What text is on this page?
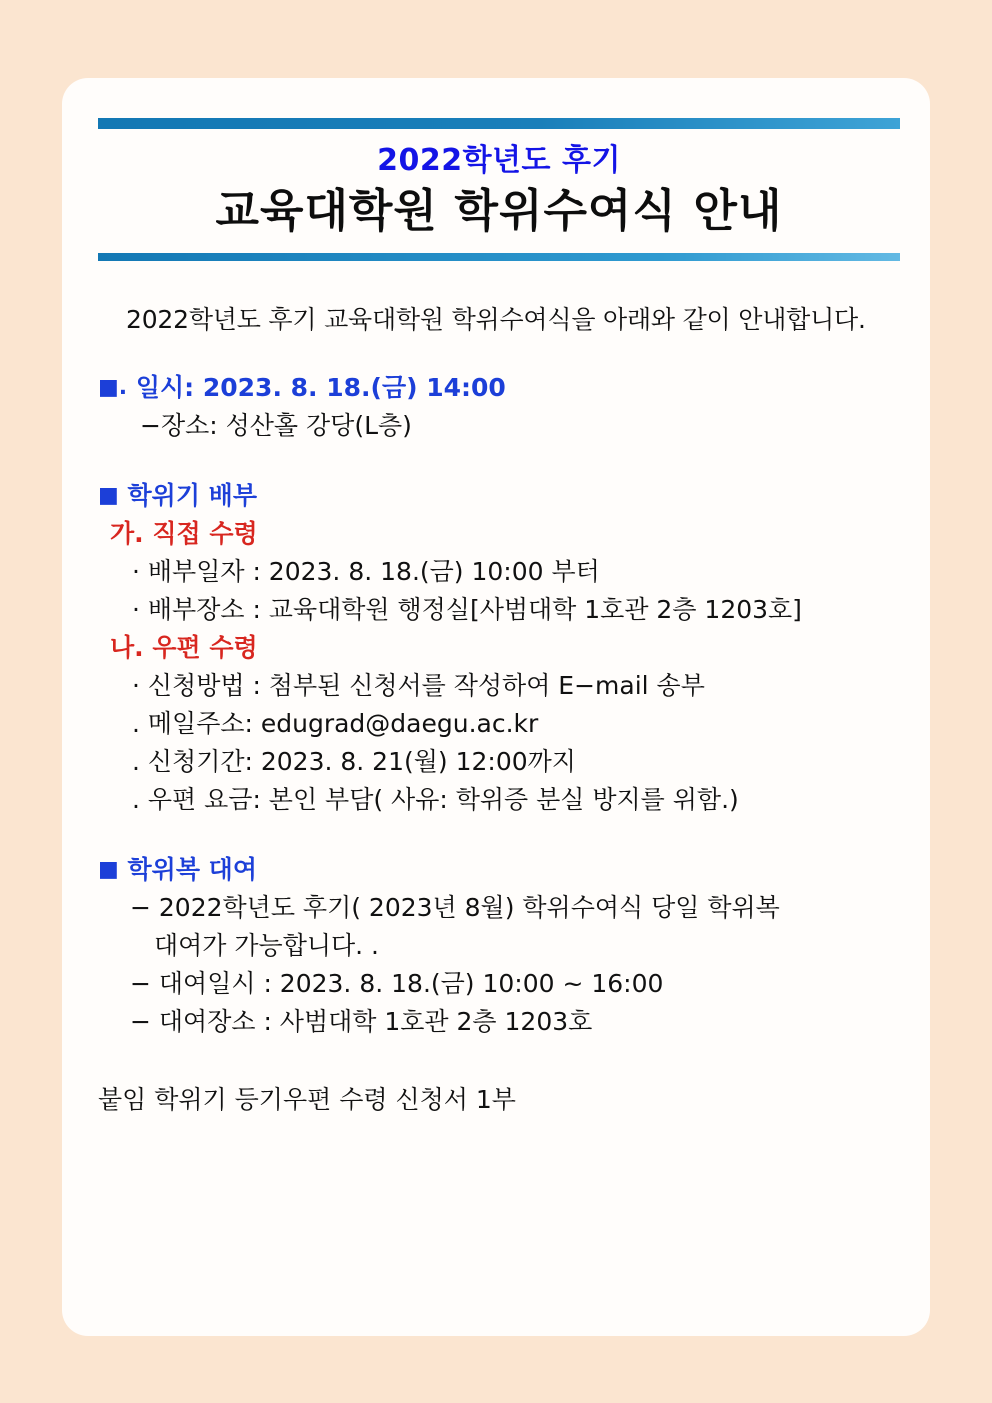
2022학년도 후기
교육대학원 학위수여식 안내
2022학년도 후기 교육대학원 학위수여식을 아래와 같이 안내합니다.
■. 일시: 2023. 8. 18.(금) 14:00
−장소: 성산홀 강당(L층)
■ 학위기 배부
가. 직접 수령
· 배부일자 : 2023. 8. 18.(금) 10:00 부터
· 배부장소 : 교육대학원 행정실[사범대학 1호관 2층 1203호]
나. 우편 수령
· 신청방법 : 첨부된 신청서를 작성하여 E−mail 송부
. 메일주소: edugrad@daegu.ac.kr
. 신청기간: 2023. 8. 21(월) 12:00까지
. 우편 요금: 본인 부담( 사유: 학위증 분실 방지를 위함.)
■ 학위복 대여
− 2022학년도 후기( 2023년 8월) 학위수여식 당일 학위복
대여가 가능합니다. .
− 대여일시 : 2023. 8. 18.(금) 10:00 ~ 16:00
− 대여장소 : 사범대학 1호관 2층 1203호
붙임 학위기 등기우편 수령 신청서 1부
